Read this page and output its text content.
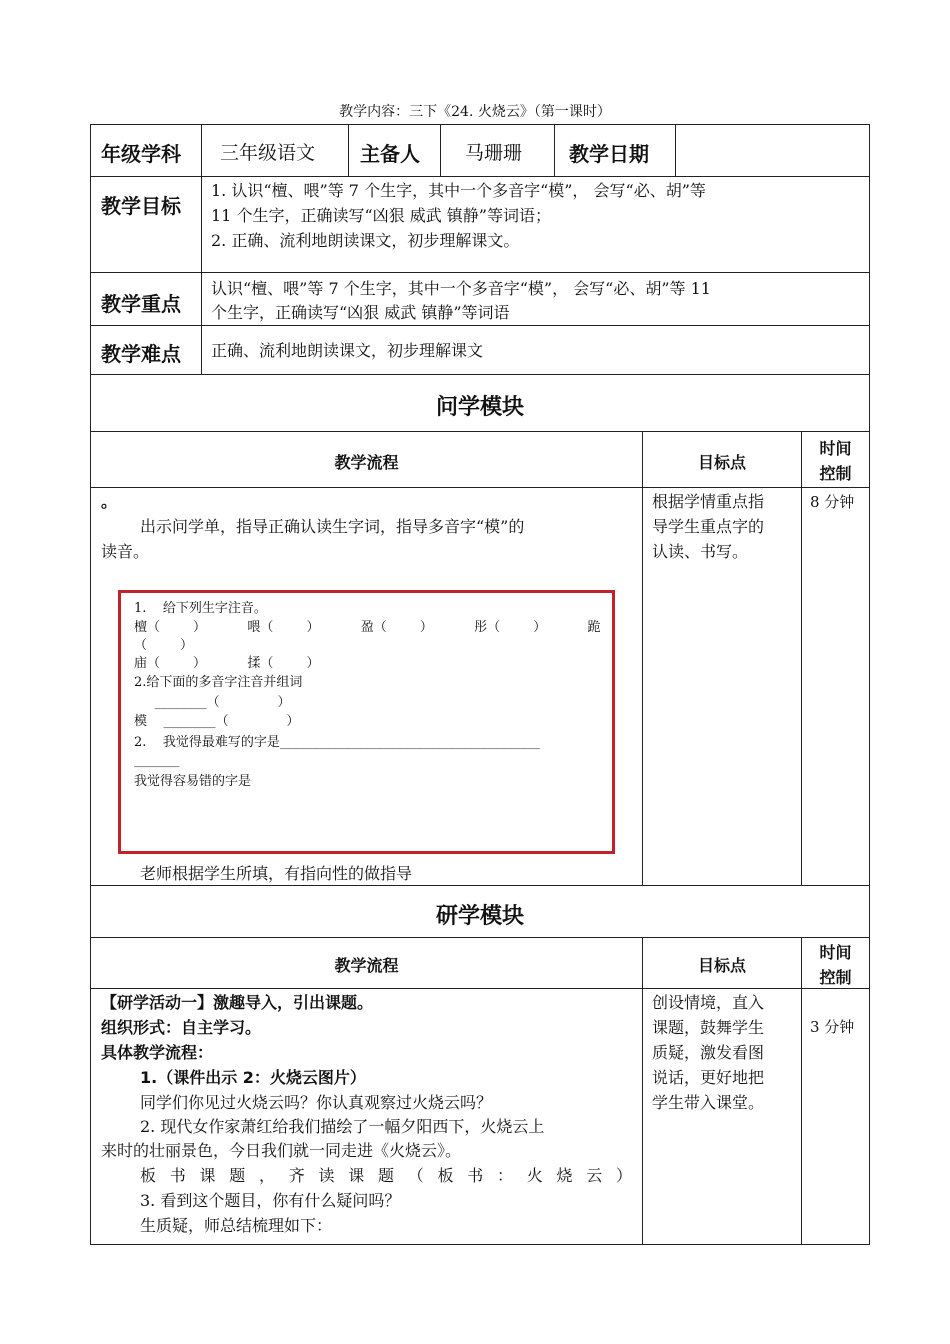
教学内容：三下《24. 火烧云》（第一课时）
年级学科 三年级语文 主备人 马珊珊 教学日期
教学目标
1. 认识“檀、喂”等 7 个生字，其中一个多音字“模”， 会写“必、胡”等
11 个生字，正确读写“凶狠 威武 镇静”等词语；
2. 正确、流利地朗读课文，初步理解课文。
教学重点
认识“檀、喂”等 7 个生字，其中一个多音字“模”， 会写“必、胡”等 11
个生字，正确读写“凶狠 威武 镇静”等词语
教学难点 正确、流利地朗读课文，初步理解课文
问学模块
教学流程	目标点
时间
控制
。
出示问学单，指导正确认读生字词，指导多音字“模”的
读音。
1.    给下列生字注音。
檀（        ）          喂（        ）          盈（        ）          彤（        ）          跪
（        ）
庙（        ）          揉（        ）
2.给下面的多音字注音并组词
________（              ）
模    ________（              ）
2.    我觉得最难写的字是________________________________________
_______
我觉得容易错的字是
老师根据学生所填，有指向性的做指导
根据学情重点指
导学生重点字的
认读、书写。
8 分钟
研学模块
教学流程	目标点
时间
控制
【研学活动一】激趣导入，引出课题。
组织形式：自主学习。
具体教学流程：
1.（课件出示 2：火烧云图片）
同学们你见过火烧云吗？你认真观察过火烧云吗？
2. 现代女作家萧红给我们描绘了一幅夕阳西下，火烧云上
来时的壮丽景色，今日我们就一同走进《火烧云》。
板书课题，齐读课题（板书：火烧云）
3. 看到这个题目，你有什么疑问吗？
生质疑，师总结梳理如下：
创设情境，直入
课题，鼓舞学生
质疑，激发看图
说话，更好地把
学生带入课堂。
3 分钟
